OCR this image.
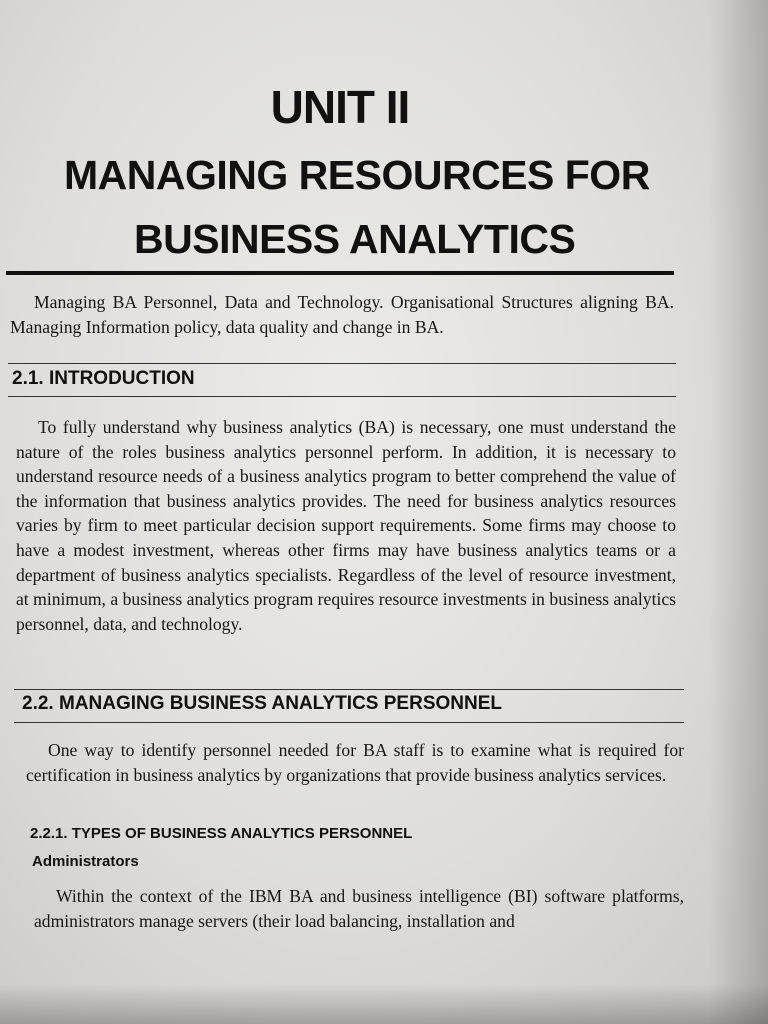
UNIT II
MANAGING RESOURCES FOR
BUSINESS ANALYTICS
Managing BA Personnel, Data and Technology. Organisational Structures aligning BA. Managing Information policy, data quality and change in BA.
2.1. INTRODUCTION
To fully understand why business analytics (BA) is necessary, one must understand the nature of the roles business analytics personnel perform. In addition, it is necessary to understand resource needs of a business analytics program to better comprehend the value of the information that business analytics provides. The need for business analytics resources varies by firm to meet particular decision support requirements. Some firms may choose to have a modest investment, whereas other firms may have business analytics teams or a department of business analytics specialists. Regardless of the level of resource investment, at minimum, a business analytics program requires resource investments in business analytics personnel, data, and technology.
2.2. MANAGING BUSINESS ANALYTICS PERSONNEL
One way to identify personnel needed for BA staff is to examine what is required for certification in business analytics by organizations that provide business analytics services.
2.2.1. TYPES OF BUSINESS ANALYTICS PERSONNEL
Administrators
Within the context of the IBM BA and business intelligence (BI) software platforms, administrators manage servers (their load balancing, installation and
